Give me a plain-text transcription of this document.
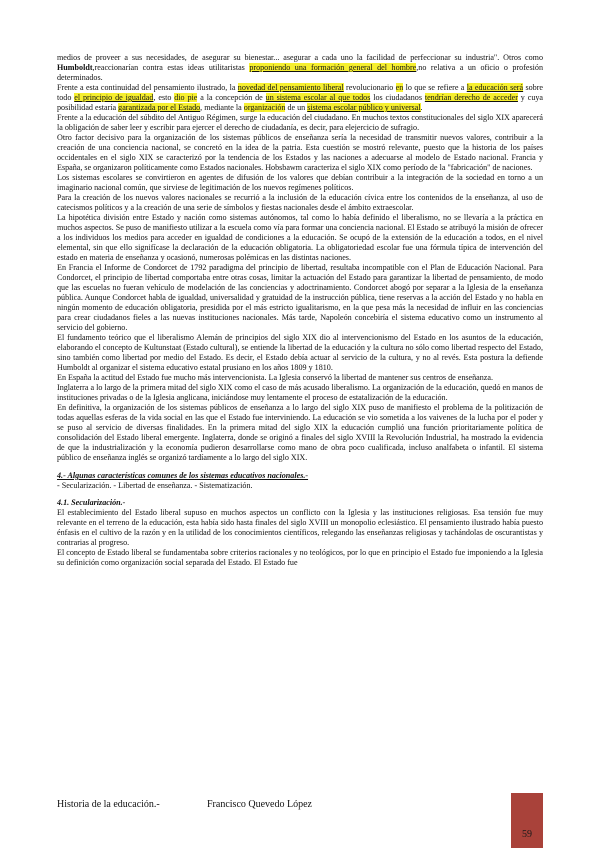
medios de proveer a sus necesidades, de asegurar su bienestar... asegurar a cada uno la facilidad de perfeccionar su industria". Otros como Humboldt,reaccionarían contra estas ideas utilitaristas proponiendo una formación general del hombre,no relativa a un oficio o profesión determinados.

Frente a esta continuidad del pensamiento ilustrado, la novedad del pensamiento liberal revolucionario en lo que se refiere a la educación será sobre todo el principio de igualdad, esto dio pie a la concepción de un sistema escolar al que todos los ciudadanos tendrían derecho de acceder y cuya posibilidad estaría garantizada por el Estado, mediante la organización de un sistema escolar público y universal.

Frente a la educación del súbdito del Antiguo Régimen, surge la educación del ciudadano. En muchos textos constitucionales del siglo XIX aparecerá la obligación de saber leer y escribir para ejercer el derecho de ciudadanía, es decir, para elejercicio de sufragio.

Otro factor decisivo para la organización de los sistemas públicos de enseñanza sería la necesidad de transmitir nuevos valores, contribuir a la creación de una conciencia nacional, se concretó en la idea de la patria. Esta cuestión se mostró relevante, puesto que la historia de los países occidentales en el siglo XIX se caracterizó por la tendencia de los Estados y las naciones a adecuarse al modelo de Estado nacional. Francia y España, se organizaron políticamente como Estados nacionales. Hobsbawm caracteriza el siglo XIX como período de la "fabricación" de naciones.

Los sistemas escolares se convirtieron en agentes de difusión de los valores que debían contribuir a la integración de la sociedad en torno a un imaginario nacional común, que sirviese de legitimación de los nuevos regímenes políticos.

Para la creación de los nuevos valores nacionales se recurrió a la inclusión de la educación cívica entre los contenidos de la enseñanza, al uso de catecismos políticos y a la creación de una serie de símbolos y fiestas nacionales desde el ámbito extraescolar.

La hipotética división entre Estado y nación como sistemas autónomos, tal como lo había definido el liberalismo, no se llevaría a la práctica en muchos aspectos. Se puso de manifiesto utilizar a la escuela como vía para formar una conciencia nacional. El Estado se atribuyó la misión de ofrecer a los individuos los medios para acceder en igualdad de condiciones a la educación. Se ocupó de la extensión de la educación a todos, en el nivel elemental, sin que ello signifícase la declaración de la educación obligatoria. La obligatoriedad escolar fue una fórmula típica de intervención del estado en materia de enseñanza y ocasionó, numerosas polémicas en las distintas naciones.

En Francia el Informe de Condorcet de 1792 paradigma del principio de libertad, resultaba incompatible con el Plan de Educación Nacional. Para Condorcet, el principio de libertad comportaba entre otras cosas, limitar la actuación del Estado para garantizar la libertad de pensamiento, de modo que las escuelas no fueran vehículo de modelación de las conciencias y adoctrinamiento. Condorcet abogó por separar a la Iglesia de la enseñanza pública. Aunque Condorcet habla de igualdad, universalidad y gratuidad de la instrucción pública, tiene reservas a la acción del Estado y no habla en ningún momento de educación obligatoria, presidida por el más estricto igualitarismo, en la que pesa más la necesidad de influir en las conciencias para crear ciudadanos fieles a las nuevas instituciones nacionales. Más tarde, Napoleón concebiría el sistema educativo como un instrumento al servicio del gobierno.

El fundamento teórico que el liberalismo Alemán de principios del siglo XIX dio al intervencionismo del Estado en los asuntos de la educación, elaborando el concepto de Kultunstaat (Estado cultural), se entiende la libertad de la educación y la cultura no sólo como libertad respecto del Estado, sino también como libertad por medio del Estado. Es decir, el Estado debía actuar al servicio de la cultura, y no al revés. Esta postura la defiende Humboldt al organizar el sistema educativo estatal prusiano en los años 1809 y 1810.

En España la actitud del Estado fue mucho más intervencionista. La Iglesia conservó la libertad de mantener sus centros de enseñanza.

Inglaterra a lo largo de la primera mitad del siglo XIX como el caso de más acusado liberalismo. La organización de la educación, quedó en manos de instituciones privadas o de la Iglesia anglicana, iniciándose muy lentamente el proceso de estatalización de la educación.

En definitiva, la organización de los sistemas públicos de enseñanza a lo largo del siglo XIX puso de manifiesto el problema de la politización de todas aquellas esferas de la vida social en las que el Estado fue interviniendo. La educación se vio sometida a los vaivenes de la lucha por el poder y se puso al servicio de diversas finalidades. En la primera mitad del siglo XIX la educación cumplió una función prioritariamente política de consolidación del Estado liberal emergente. Inglaterra, donde se originó a finales del siglo XVIII la Revolución Industrial, ha mostrado la evidencia de que la industrialización y la economía pudieron desarrollarse como mano de obra poco cualificada, incluso analfabeta o infantil. El sistema público de enseñanza inglés se organizó tardíamente a lo largo del siglo XIX.

4.- Algunas características comunes de los sistemas educativos nacionales.-
- Secularización. - Libertad de enseñanza. - Sistematización.
4.1. Secularización.-

El establecimiento del Estado liberal supuso en muchos aspectos un conflicto con la Iglesia y las instituciones religiosas. Esa tensión fue muy relevante en el terreno de la educación, esta había sido hasta finales del siglo XVIII un monopolio eclesiástico. El pensamiento ilustrado había puesto énfasis en el cultivo de la razón y en la utilidad de los conocimientos científicos, relegando las enseñanzas religiosas y tachándolas de oscurantistas y contrarias al progreso.

El concepto de Estado liberal se fundamentaba sobre criterios racionales y no teológicos, por lo que en principio el Estado fue imponiendo a la Iglesia su definición como organización social separada del Estado. El Estado fue

Historia de la educación.-	Francisco Quevedo López
59
